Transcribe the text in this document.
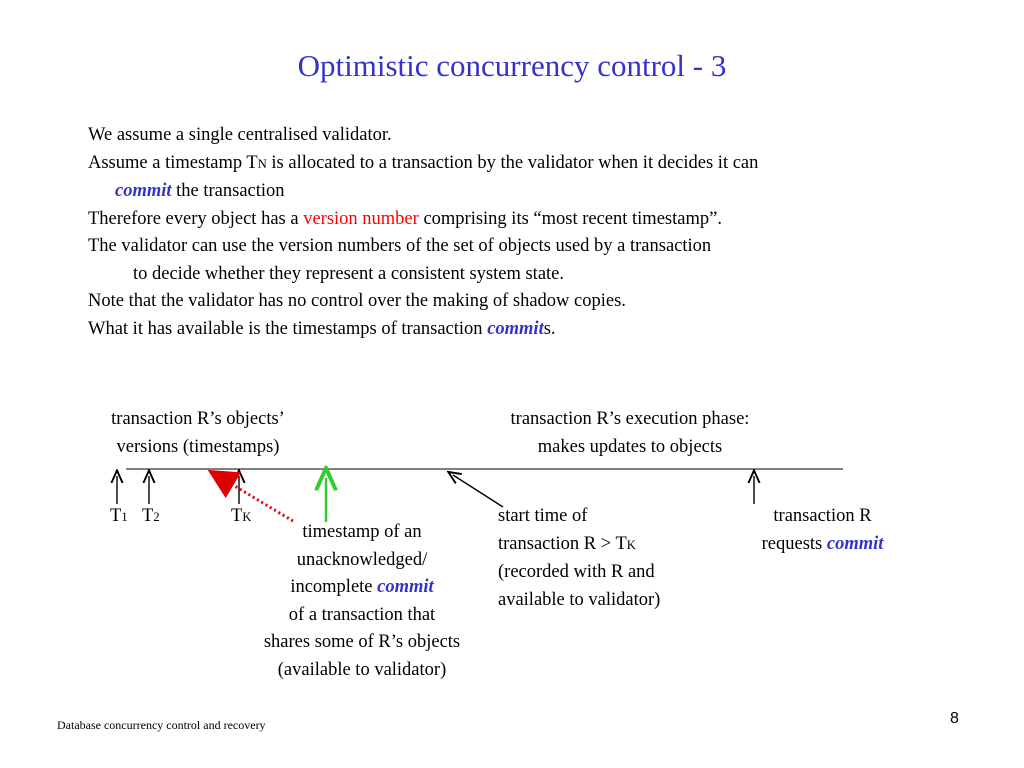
Optimistic concurrency control - 3
We assume a single centralised validator.
Assume a timestamp TN is allocated to a transaction by the validator when it decides it can
commit the transaction
Therefore every object has a version number comprising its “most recent timestamp”.
The validator can use the version numbers of the set of objects used by a transaction
to decide whether they represent a consistent system state.
Note that the validator has no control over the making of shadow copies.
What it has available is the timestamps of transaction commits.
transaction R’s objects’
versions (timestamps)
transaction R’s execution phase:
makes updates to objects
T1 T2	TK
timestamp of an
unacknowledged/
incomplete commit
of a transaction that
shares some of R’s objects
(available to validator)
start time of
transaction R > TK
(recorded with R and
available to validator)
transaction R
requests commit
Database concurrency control and recovery	8
